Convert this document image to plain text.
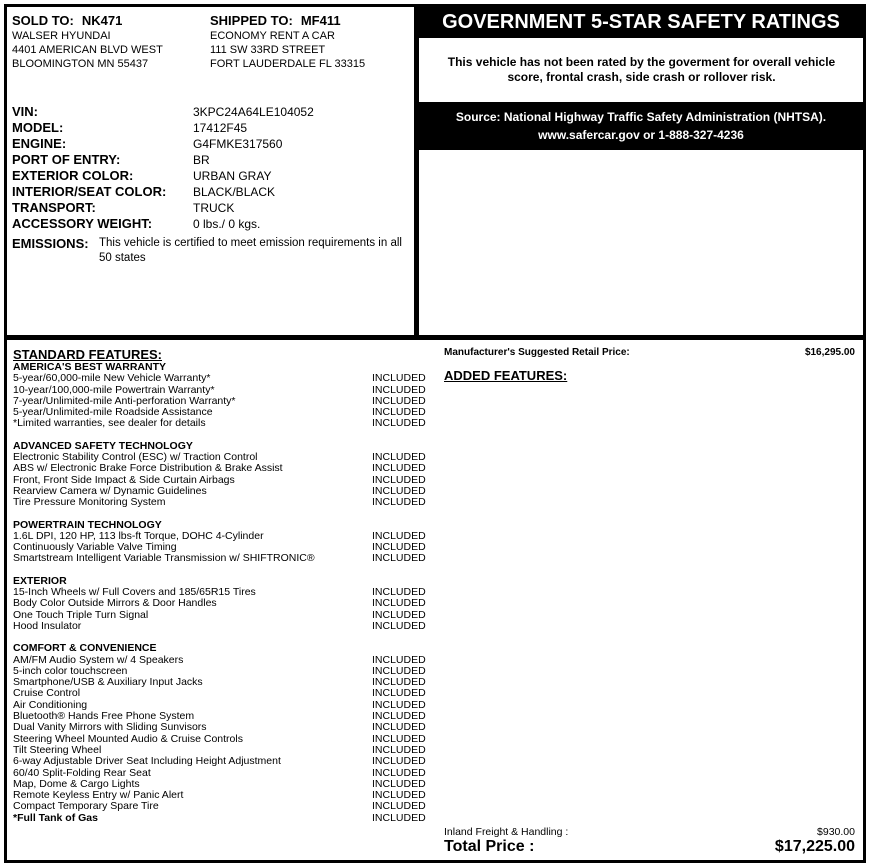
SOLD TO: NK471
WALSER HYUNDAI
4401 AMERICAN BLVD WEST
BLOOMINGTON MN 55437
SHIPPED TO: MF411
ECONOMY RENT A CAR
111 SW 33RD STREET
FORT LAUDERDALE FL 33315
VIN:	3KPC24A64LE104052
MODEL:	17412F45
ENGINE:	G4FMKE317560
PORT OF ENTRY:	BR
EXTERIOR COLOR:	URBAN GRAY
INTERIOR/SEAT COLOR: BLACK/BLACK
TRANSPORT:	TRUCK
ACCESSORY WEIGHT:	0 lbs./ 0 kgs.
EMISSIONS: This vehicle is certified to meet emission requirements in all 50 states
GOVERNMENT 5-STAR SAFETY RATINGS
This vehicle has not been rated by the goverment for overall vehicle score, frontal crash, side crash or rollover risk.
Source: National Highway Traffic Safety Administration (NHTSA).
www.safercar.gov or 1-888-327-4236
STANDARD FEATURES:
AMERICA'S BEST WARRANTY
5-year/60,000-mile New Vehicle Warranty*	INCLUDED
10-year/100,000-mile Powertrain Warranty*	INCLUDED
7-year/Unlimited-mile Anti-perforation Warranty*	INCLUDED
5-year/Unlimited-mile Roadside Assistance	INCLUDED
*Limited warranties, see dealer for details	INCLUDED
ADVANCED SAFETY TECHNOLOGY
Electronic Stability Control (ESC) w/ Traction Control	INCLUDED
ABS w/ Electronic Brake Force Distribution & Brake Assist	INCLUDED
Front, Front Side Impact & Side Curtain Airbags	INCLUDED
Rearview Camera w/ Dynamic Guidelines	INCLUDED
Tire Pressure Monitoring System	INCLUDED
POWERTRAIN TECHNOLOGY
1.6L DPI, 120 HP, 113 lbs-ft Torque, DOHC 4-Cylinder	INCLUDED
Continuously Variable Valve Timing	INCLUDED
Smartstream Intelligent Variable Transmission w/ SHIFTRONIC®	INCLUDED
EXTERIOR
15-Inch Wheels w/ Full Covers and 185/65R15 Tires	INCLUDED
Body Color Outside Mirrors & Door Handles	INCLUDED
One Touch Triple Turn Signal	INCLUDED
Hood Insulator	INCLUDED
COMFORT & CONVENIENCE
AM/FM Audio System w/ 4 Speakers	INCLUDED
5-inch color touchscreen	INCLUDED
Smartphone/USB & Auxiliary Input Jacks	INCLUDED
Cruise Control	INCLUDED
Air Conditioning	INCLUDED
Bluetooth® Hands Free Phone System	INCLUDED
Dual Vanity Mirrors with Sliding Sunvisors	INCLUDED
Steering Wheel Mounted Audio & Cruise Controls	INCLUDED
Tilt Steering Wheel	INCLUDED
6-way Adjustable Driver Seat Including Height Adjustment	INCLUDED
60/40 Split-Folding Rear Seat	INCLUDED
Map, Dome & Cargo Lights	INCLUDED
Remote Keyless Entry w/ Panic Alert	INCLUDED
Compact Temporary Spare Tire	INCLUDED
*Full Tank of Gas	INCLUDED
Manufacturer's Suggested Retail Price:	$16,295.00
ADDED FEATURES:
Inland Freight & Handling :	$930.00
Total Price :	$17,225.00
